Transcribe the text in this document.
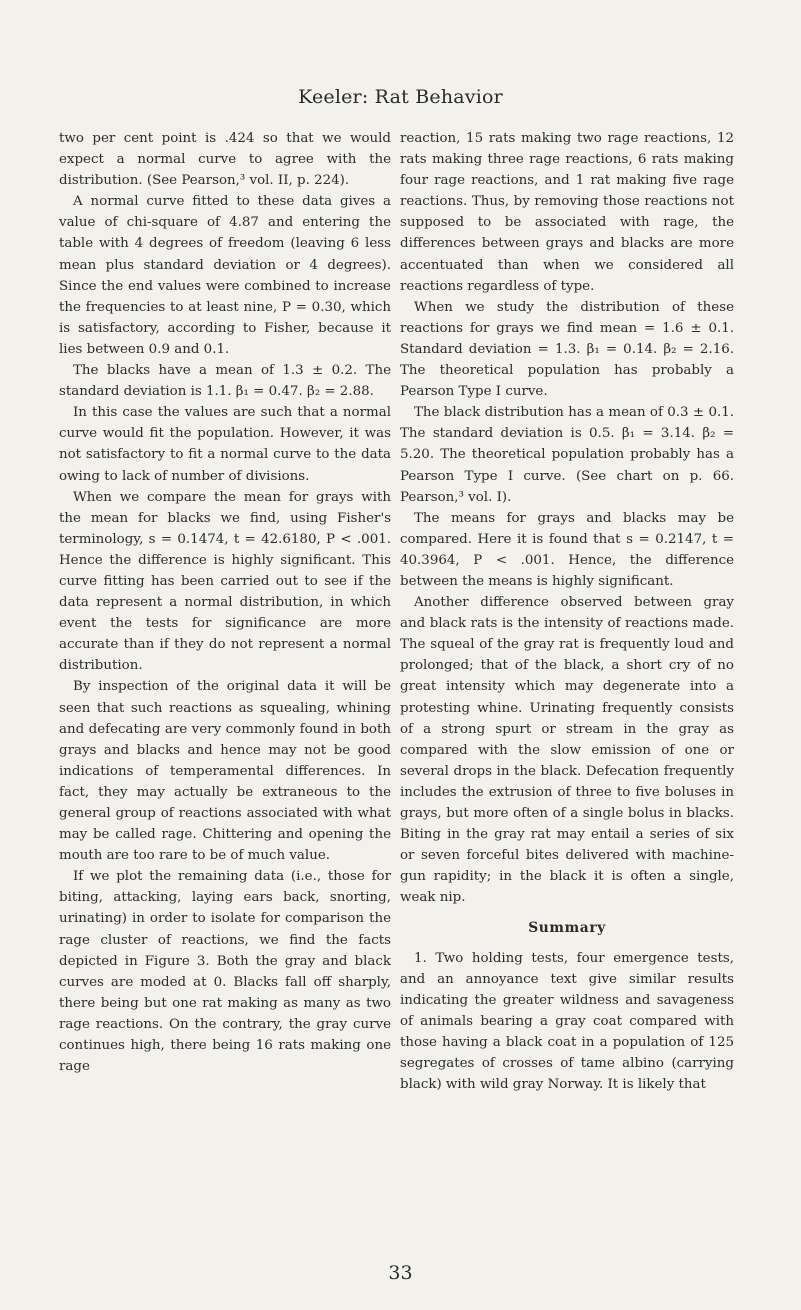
Keeler: Rat Behavior

two per cent point is .424 so that we would expect a normal curve to agree with the distribution. (See Pearson,³ vol. II, p. 224).

A normal curve fitted to these data gives a value of chi-square of 4.87 and entering the table with 4 degrees of freedom (leaving 6 less mean plus standard deviation or 4 degrees). Since the end values were combined to increase the frequencies to at least nine, P = 0.30, which is satisfactory, according to Fisher, because it lies between 0.9 and 0.1.

The blacks have a mean of 1.3 ± 0.2. The standard deviation is 1.1. β₁ = 0.47. β₂ = 2.88.

In this case the values are such that a normal curve would fit the population. However, it was not satisfactory to fit a normal curve to the data owing to lack of number of divisions.

When we compare the mean for grays with the mean for blacks we find, using Fisher's terminology, s = 0.1474, t = 42.6180, P < .001. Hence the difference is highly significant. This curve fitting has been carried out to see if the data represent a normal distribution, in which event the tests for significance are more accurate than if they do not represent a normal distribution.

By inspection of the original data it will be seen that such reactions as squealing, whining and defecating are very commonly found in both grays and blacks and hence may not be good indications of temperamental differences. In fact, they may actually be extraneous to the general group of reactions associated with what may be called rage. Chittering and opening the mouth are too rare to be of much value.

If we plot the remaining data (i.e., those for biting, attacking, laying ears back, snorting, urinating) in order to isolate for comparison the rage cluster of reactions, we find the facts depicted in Figure 3. Both the gray and black curves are moded at 0. Blacks fall off sharply, there being but one rat making as many as two rage reactions. On the contrary, the gray curve continues high, there being 16 rats making one rage

reaction, 15 rats making two rage reactions, 12 rats making three rage reactions, 6 rats making four rage reactions, and 1 rat making five rage reactions. Thus, by removing those reactions not supposed to be associated with rage, the differences between grays and blacks are more accentuated than when we considered all reactions regardless of type.

When we study the distribution of these reactions for grays we find mean = 1.6 ± 0.1. Standard deviation = 1.3. β₁ = 0.14. β₂ = 2.16. The theoretical population has probably a Pearson Type I curve.

The black distribution has a mean of 0.3 ± 0.1. The standard deviation is 0.5. β₁ = 3.14. β₂ = 5.20. The theoretical population probably has a Pearson Type I curve. (See chart on p. 66. Pearson,³ vol. I).

The means for grays and blacks may be compared. Here it is found that s = 0.2147, t = 40.3964, P < .001. Hence, the difference between the means is highly significant.

Another difference observed between gray and black rats is the intensity of reactions made. The squeal of the gray rat is frequently loud and prolonged; that of the black, a short cry of no great intensity which may degenerate into a protesting whine. Urinating frequently consists of a strong spurt or stream in the gray as compared with the slow emission of one or several drops in the black. Defecation frequently includes the extrusion of three to five boluses in grays, but more often of a single bolus in blacks. Biting in the gray rat may entail a series of six or seven forceful bites delivered with machine-gun rapidity; in the black it is often a single, weak nip.

Summary

1. Two holding tests, four emergence tests, and an annoyance text give similar results indicating the greater wildness and savageness of animals bearing a gray coat compared with those having a black coat in a population of 125 segregates of crosses of tame albino (carrying black) with wild gray Norway. It is likely that

33
